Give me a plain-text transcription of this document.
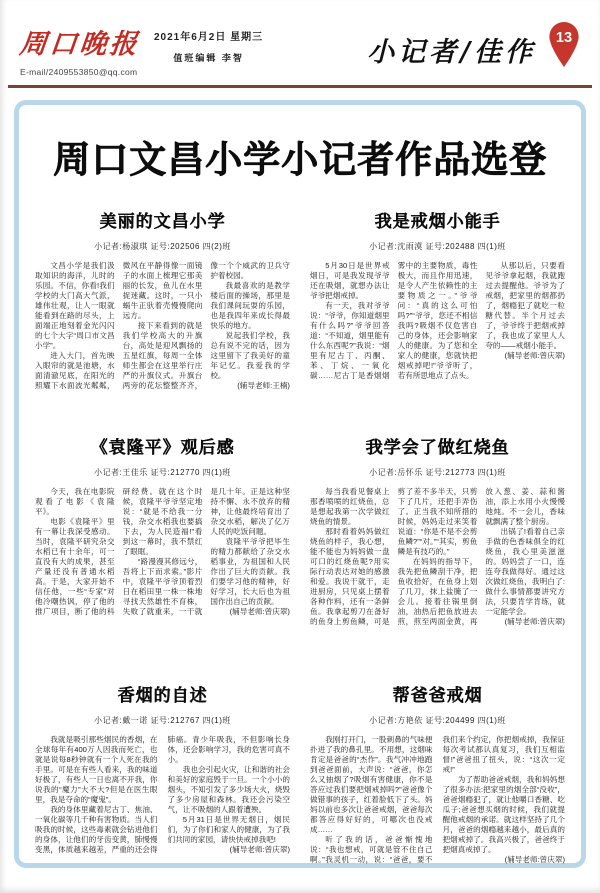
周口晚报
E-mail/2409553850@qq.com
2021年6月2日 星期三
值班编辑 李智	小记者/佳作 13
周口文昌小学小记者作品选登
美丽的文昌小学
小记者:杨淑琪 证号:202506 四(2)班

文昌小学是我们汲取知识的海洋，儿时的乐园。不信，你看!我们学校的大门高大气派，雄伟壮观，让人一眼就能看到在路的尽头，上面端正地刻着金光闪闪的七个大字“周口市文昌小学”。

进入大门，首先映入眼帘的就是池塘，水面清澈见底，在阳光的照耀下水面波光粼粼，微风在平静得像一面镜子的水面上梳理它那美丽的长发，鱼儿在水里捉迷藏。这时，一只小蜗牛正驮着壳慢慢爬向远方。

接下来看到的就是我们学校高大的升旗台，高处是迎风飘扬的五星红旗，每周一全体师生都会在这里举行庄严的升旗仪式。升旗台两旁的花坛整整齐齐，像一个个威武的卫兵守护着校园。

我最喜欢的是教学楼后面的操场，那里是我们课间玩耍的乐园，也是我四年来成长得最快乐的地方。

说起我们学校，我总有说不完的话，因为这里留下了我美好的童年记忆。我爱我的学校。

(辅导老师:王楠)

我是戒烟小能手
小记者:沈雨漠 证号:202488 四(1)班

5月30日是世界戒烟日，可是我发现爷爷还在吸烟，就想办法让爷爷把烟戒掉。

有一天，我对爷爷说：“爷爷，你知道烟里有什么吗?”爷爷回答道：“不知道，烟里能有什么东西呢?”我说：“烟里有尼古丁、丙酮、苯、丁烷、一氧化碳……尼古丁是香烟烟雾中的主要物质，毒性极大，而且作用迅速，是令人产生依赖性的主要物质之一。”爷爷问：“真的这么可怕吗?”“爷爷，您还不相信我吗?吸烟不仅危害自己的身体，还会影响家人的健康。为了您和全家人的健康，您就快把烟戒掉吧!”爷爷听了，若有所思地点了点头。

从那以后，只要看见爷爷拿起烟，我就跑过去提醒他。爷爷为了戒烟，把家里的烟都扔了，烟瘾犯了就吃一粒糖代替。半个月过去了，爷爷终于把烟戒掉了，我也成了家里人人夸的——戒烟小能手。

(辅导老师:曾庆翠)

《袁隆平》观后感
小记者:王佳乐 证号:212770 四(1)班

今天，我在电影院观看了电影《袁隆平》。

电影《袁隆平》里有一幕让我深受感动。当时，袁隆平研究杂交水稻已有十余年，可一直没有大的成果，甚至产量还没有普通水稻高。于是，大家开始不信任他，一些“专家”对他冷嘲热讽，停了他的推广项目，断了他的科研经费。就在这个时候，袁隆平爷爷坚定地说：“就是不给我一分钱，杂交水稻我也要搞下去，为人民造福!”看到这一幕时，我不禁红了眼眶。

“路漫漫其修远兮，吾将上下而求索。”影片中，袁隆平爷爷顶着烈日在稻田里一株一株地寻找天然雄性不育株，失败了就重来，一干就是几十年。正是这种坚持不懈、永不放弃的精神，让他最终培育出了杂交水稻，解决了亿万人民的吃饭问题。

袁隆平爷爷把毕生的精力都献给了杂交水稻事业，为祖国和人民作出了巨大的贡献。我们要学习他的精神，好好学习，长大后也为祖国作出自己的贡献。

(辅导老师:曾庆翠)

我学会了做红烧鱼
小记者:岳怀乐 证号:212773 四(1)班

每当我看见餐桌上那香喷喷的红烧鱼，总是想起我第一次学做红烧鱼的情景。

那时看着妈妈做红烧鱼的样子，我心想，能不能也为妈妈做一盘可口的红烧鱼呢?用实际行动表达对她的感激和爱。我说干就干，走进厨房，只见桌上摆着各种作料，还有一条鲜鱼。我拿起剪刀在备好的鱼身上剪鱼鳞，可是剪了差不多半天，只剪下了几片，还把手弄伤了。正当我不知所措的时候，妈妈走过来笑着说道：“你是不是不会剪鱼鳞?”“对。”“其实，剪鱼鳞是有技巧的。”

在妈妈的指导下，我先把鱼鳞刮干净，把鱼收拾好，在鱼身上划了几刀，抹上盐腌了一会儿。接着往锅里倒油，油热后把鱼放进去煎，煎至两面金黄，再放入葱、姜、蒜和酱油，添上水用小火慢慢地炖。不一会儿，香味就飘满了整个厨房。

出锅了!看着自己亲手做的色香味俱全的红烧鱼，我心里美滋滋的。妈妈尝了一口，连连夸我做得好。通过这次做红烧鱼，我明白了:做什么事情都要讲究方法，只要肯学肯练，就一定能学会。

(辅导老师:曾庆翠)

香烟的自述
小记者:戴一诺 证号:212767 四(1)班

我就是吸引那些烟民的香烟，在全球每年有400万人因我而死亡，也就是说每8秒钟就有一个人死在我的手里。可是在有些人看来，我的味道好极了，有些人一日也离不开我，你说我的“魔力”大不大?但是在医生眼里，我是夺命的“魔鬼”。

我的身体里藏着尼古丁、焦油、一氧化碳等几千种有害物质。当人们吸我的时候，这些毒素就会钻进他们的身体，让他们的牙齿变黄，肺慢慢变黑，体质越来越差，严重的还会得肺癌。青少年吸我，不但影响长身体，还会影响学习，我的危害可真不小。

我也会引起火灾，让和谐的社会和美好的家庭毁于一旦。一个小小的烟头，不知引发了多少场大火，烧毁了多少房屋和森林。我还会污染空气，让不吸烟的人跟着遭殃。

5月31日是世界无烟日，烟民们，为了你们和家人的健康，为了我们共同的家园，请快快戒掉我吧!

(辅导老师:曾庆翠)

帮爸爸戒烟
小记者:方艳依 证号:204499 四(1)班

我刚打开门，一股刺鼻的气味便扑进了我的鼻孔里。不用想，这烟味肯定是爸爸的“杰作”。我气冲冲地跑到爸爸面前，大声说：“爸爸，你怎么又抽烟了?吸烟有害健康，你不是答应过我们要把烟戒掉吗?”爸爸像个做错事的孩子，红着脸低下了头。妈妈以前也多次让爸爸戒烟，爸爸每次都答应得好好的，可哪次也没戒成……

听了我的话，爸爸惭愧地说：“我也想戒，可就是管不住自己啊。”我灵机一动，说：“爸爸，要不我们来个约定，你把烟戒掉，我保证每次考试都认真复习，我们互相监督!”爸爸扭了扭头，说：“这次一定戒!”

为了帮助爸爸戒烟，我和妈妈想了很多办法:把家里的烟全部“没收”，爸爸烟瘾犯了，就让他嚼口香糖、吃瓜子;爸爸想买烟的时候，我们就提醒他戒烟的承诺。就这样坚持了几个月，爸爸的烟瘾越来越小，最后真的把烟戒掉了。我高兴极了，爸爸终于把烟真戒掉了。

(辅导老师:曾庆翠)
